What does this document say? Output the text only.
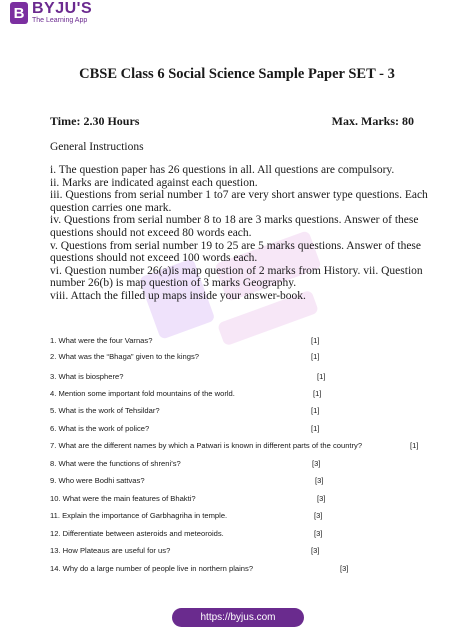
B BYJU'S
The Learning App
CBSE Class 6 Social Science Sample Paper SET - 3
Time: 2.30 Hours	Max. Marks: 80
General Instructions

i. The question paper has 26 questions in all. All questions are compulsory.

ii. Marks are indicated against each question.

iii. Questions from serial number 1 to7 are very short answer type questions. Each question carries one mark.

iv. Questions from serial number 8 to 18 are 3 marks questions. Answer of these questions should not exceed 80 words each.

v. Questions from serial number 19 to 25 are 5 marks questions. Answer of these questions should not exceed 100 words each.

vi. Question number 26(a)is map question of 2 marks from History. vii. Question number 26(b) is map question of 3 marks Geography.

viii. Attach the filled up maps inside your answer-book.

1. What were the four Varnas?	[1]
2. What was the “Bhaga” given to the kings?	[1]
3. What is biosphere?	[1]
4. Mention some important fold mountains of the world.	[1]
5. What is the work of Tehsildar?	[1]
6. What is the work of police?	[1]
7. What are the different names by which a Patwari is known in different parts of the country?	[1]
8. What were the functions of shreni’s?	[3]
9. Who were Bodhi sattvas?	[3]
10. What were the main features of Bhakti?	[3]
11. Explain the importance of Garbhagriha in temple.	[3]
12. Differentiate between asteroids and meteoroids.	[3]
13. How Plateaus are useful for us?	[3]
14. Why do a large number of people live in northern plains?	[3]
https://byjus.com
